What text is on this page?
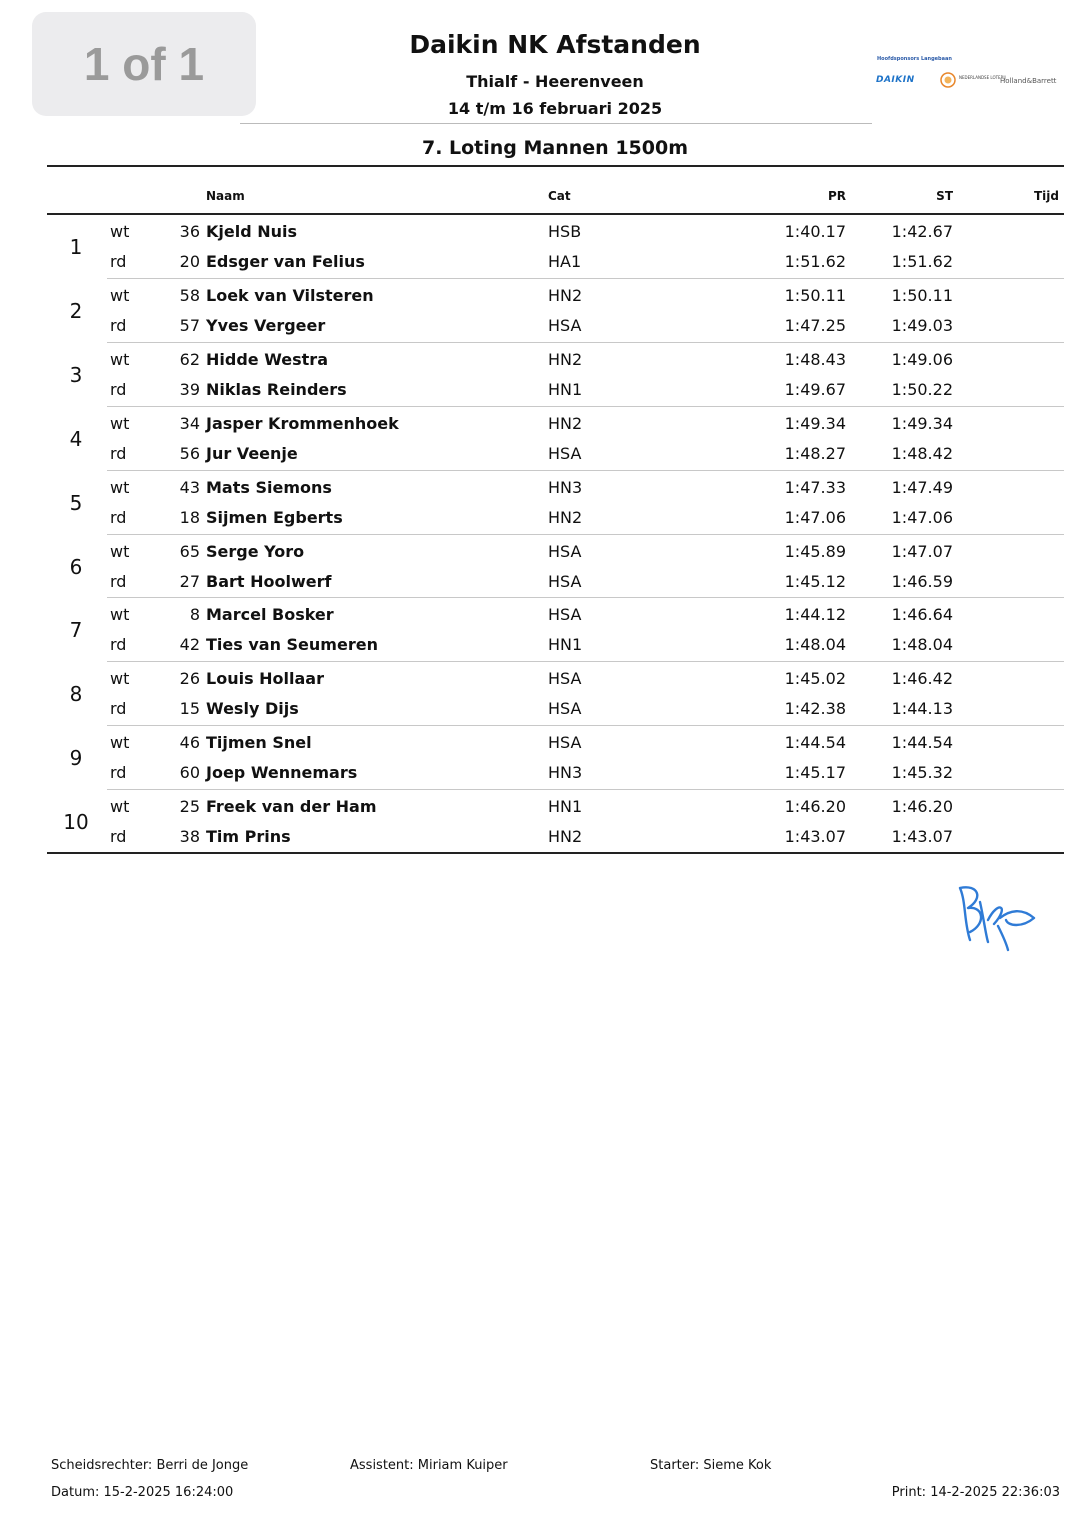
1 of 1	Daikin NK Afstanden
Thialf - Heerenveen
14 t/m 16 februari 2025
Hoofdsponsors Langebaan
DAIKIN	NEDERLANDSE LOTERIJ
Holland&Barrett
7. Loting Mannen 1500m
Naam	Cat	PR	ST	Tijd
1
wt	36 Kjeld Nuis	HSB	1:40.17	1:42.67
rd	20 Edsger van Felius	HA1	1:51.62	1:51.62
2
wt	58 Loek van Vilsteren	HN2	1:50.11	1:50.11
rd	57 Yves Vergeer	HSA	1:47.25	1:49.03
3
wt	62 Hidde Westra	HN2	1:48.43	1:49.06
rd	39 Niklas Reinders	HN1	1:49.67	1:50.22
4
wt	34 Jasper Krommenhoek	HN2	1:49.34	1:49.34
rd	56 Jur Veenje	HSA	1:48.27	1:48.42
5
wt	43 Mats Siemons	HN3	1:47.33	1:47.49
rd	18 Sijmen Egberts	HN2	1:47.06	1:47.06
6
wt	65 Serge Yoro	HSA	1:45.89	1:47.07
rd	27 Bart Hoolwerf	HSA	1:45.12	1:46.59
7
wt	8 Marcel Bosker	HSA	1:44.12	1:46.64
rd	42 Ties van Seumeren	HN1	1:48.04	1:48.04
8
wt	26 Louis Hollaar	HSA	1:45.02	1:46.42
rd	15 Wesly Dijs	HSA	1:42.38	1:44.13
9
wt	46 Tijmen Snel	HSA	1:44.54	1:44.54
rd	60 Joep Wennemars	HN3	1:45.17	1:45.32
10
wt	25 Freek van der Ham	HN1	1:46.20	1:46.20
rd	38 Tim Prins	HN2	1:43.07	1:43.07
Scheidsrechter: Berri de Jonge	Assistent: Miriam Kuiper	Starter: Sieme Kok
Datum: 15-2-2025 16:24:00	Print: 14-2-2025 22:36:03
